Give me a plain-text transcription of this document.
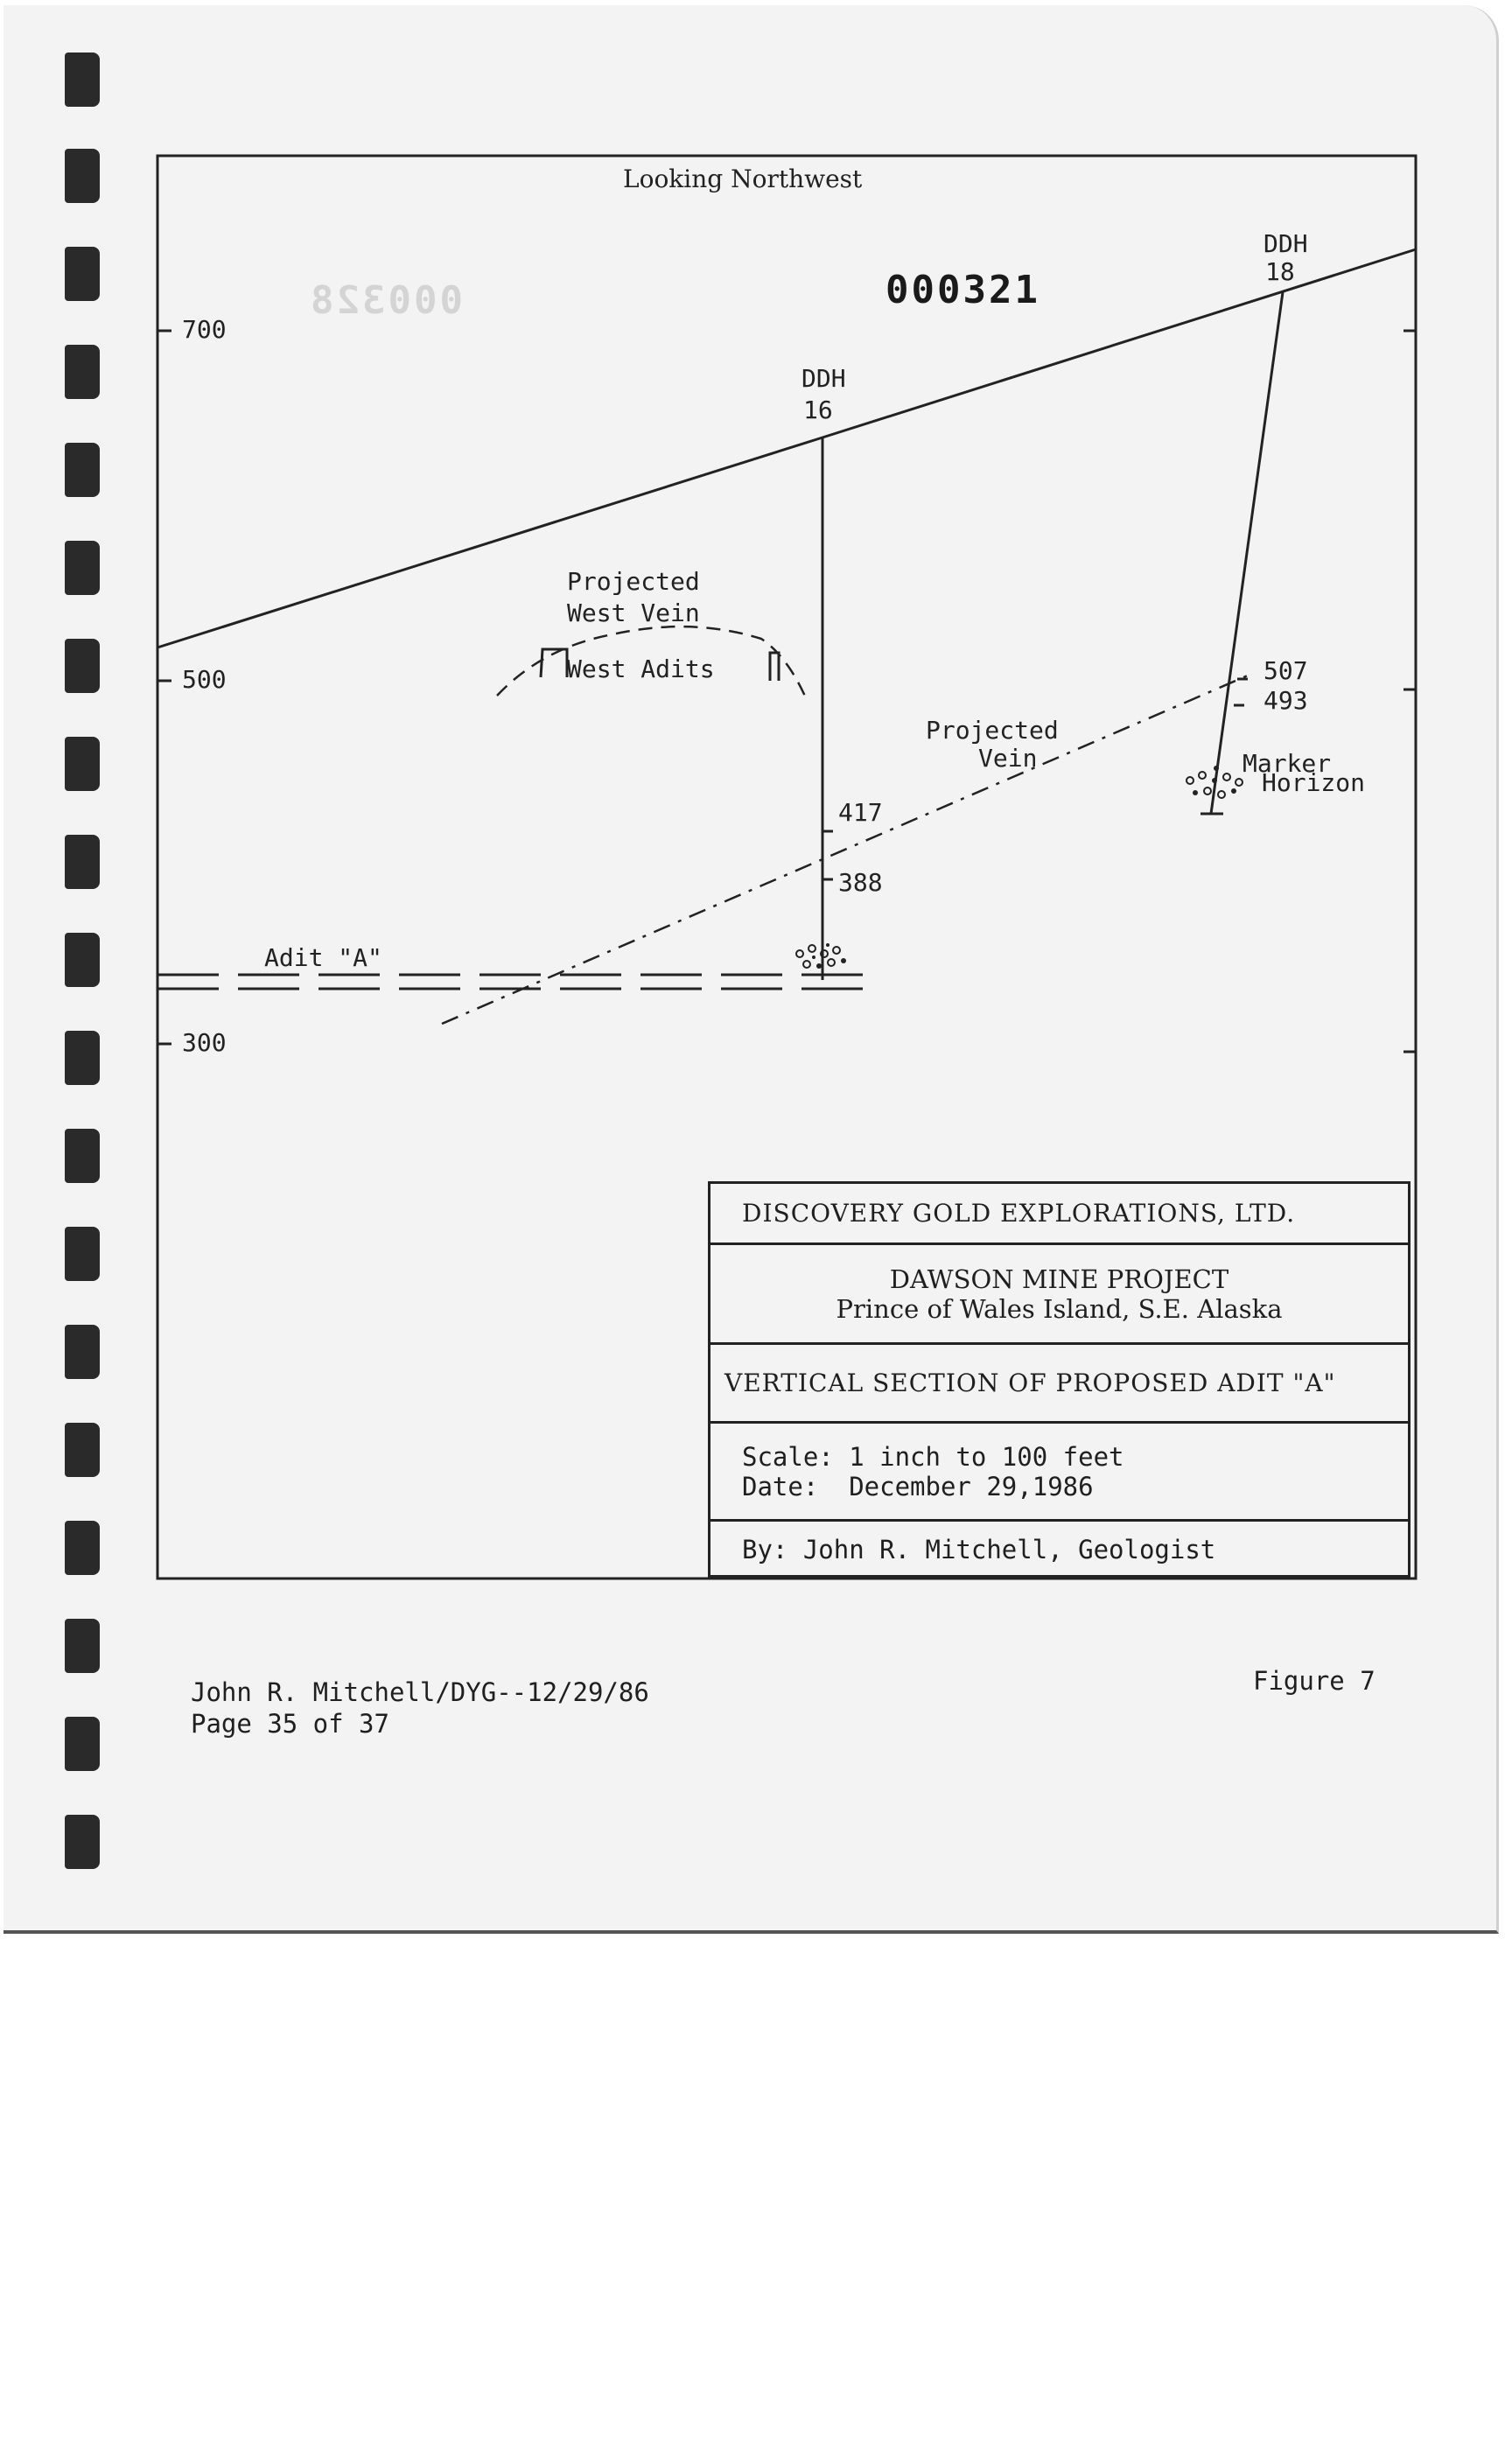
000328
700
500
300
Looking Northwest
DDH
16
417
388
DDH
18
507
493
Projected
Vein
Projected
West Vein
West Adits
Adit "A"
Marker
Horizon
000321
DISCOVERY GOLD EXPLORATIONS, LTD.
DAWSON MINE PROJECT
Prince of Wales Island, S.E. Alaska
VERTICAL SECTION OF PROPOSED ADIT "A"
Scale: 1 inch to 100 feet
Date:  December 29,1986
By: John R. Mitchell, Geologist
John R. Mitchell/DYG--12/29/86
Page 35 of 37
Figure 7
